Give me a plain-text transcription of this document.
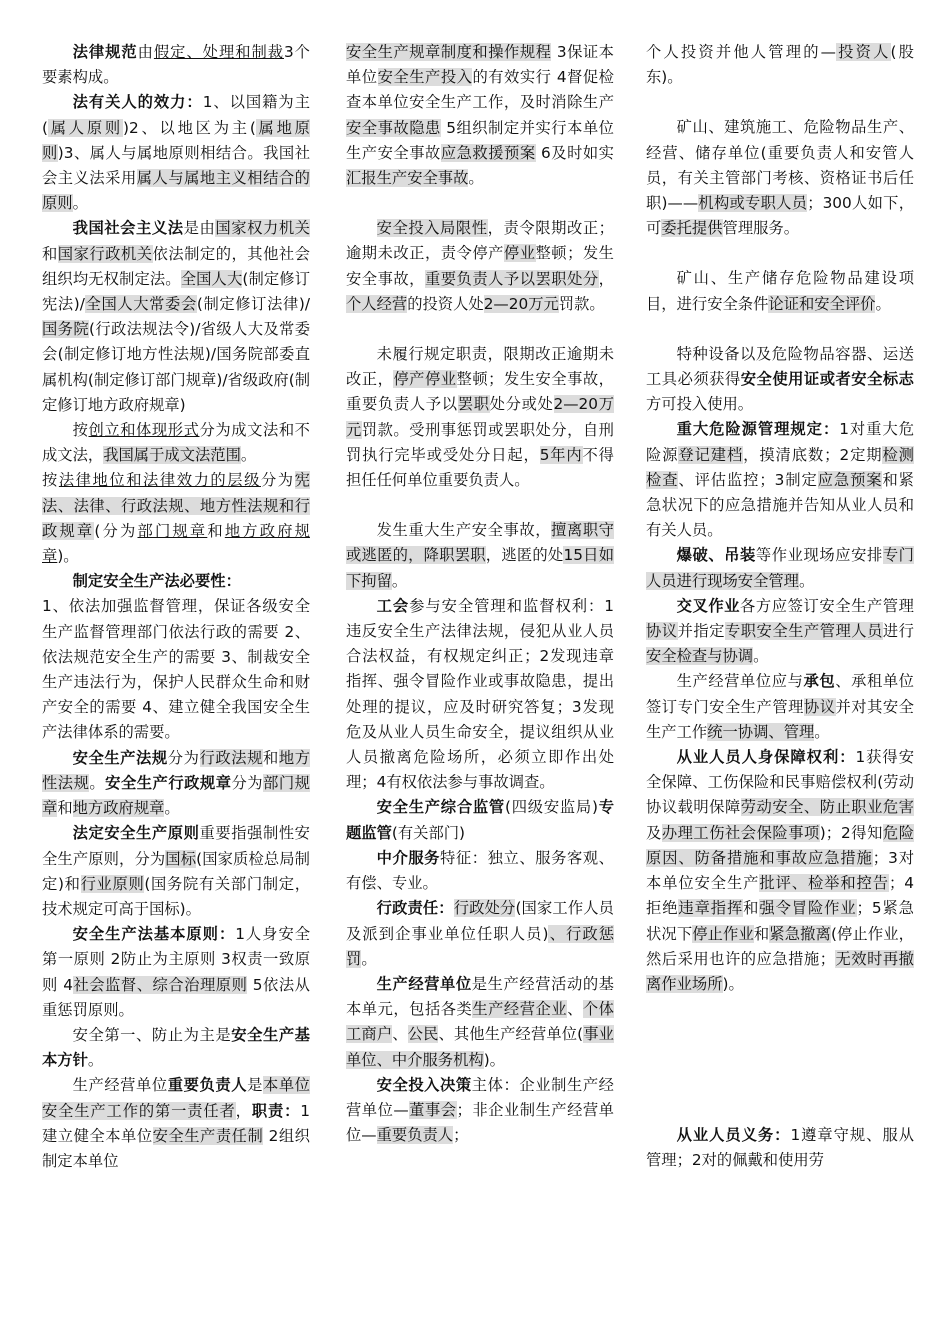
法律规范由假定、处理和制裁3个要素构成。

法有关人的效力：1、以国籍为主(属人原则)2、以地区为主(属地原则)3、属人与属地原则相结合。我国社会主义法采用属人与属地主义相结合的原则。

我国社会主义法是由国家权力机关和国家行政机关依法制定的，其他社会组织均无权制定法。全国人大(制定修订宪法)/全国人大常委会(制定修订法律)/国务院(行政法规法令)/省级人大及常委会(制定修订地方性法规)/国务院部委直属机构(制定修订部门规章)/省级政府(制定修订地方政府规章)

按创立和体现形式分为成文法和不成文法，我国属于成文法范围。

按法律地位和法律效力的层级分为宪法、法律、行政法规、地方性法规和行政规章(分为部门规章和地方政府规章)。

制定安全生产法必要性：

1、依法加强监督管理，保证各级安全生产监督管理部门依法行政的需要 2、依法规范安全生产的需要 3、制裁安全生产违法行为，保护人民群众生命和财产安全的需要 4、建立健全我国安全生产法律体系的需要。

安全生产法规分为行政法规和地方性法规。安全生产行政规章分为部门规章和地方政府规章。

法定安全生产原则重要指强制性安全生产原则，分为国标(国家质检总局制定)和行业原则(国务院有关部门制定，技术规定可高于国标)。

安全生产法基本原则：1人身安全第一原则 2防止为主原则 3权责一致原则 4社会监督、综合治理原则 5依法从重惩罚原则。

安全第一、防止为主是安全生产基本方针。

生产经营单位重要负责人是本单位安全生产工作的第一责任者，职责：1建立健全本单位安全生产责任制 2组织制定本单位

安全生产规章制度和操作规程 3保证本单位安全生产投入的有效实行 4督促检查本单位安全生产工作，及时消除生产安全事故隐患 5组织制定并实行本单位生产安全事故应急救援预案 6及时如实汇报生产安全事故。

安全投入局限性，责令限期改正；逾期未改正，责令停产停业整顿；发生安全事故，重要负责人予以罢职处分，个人经营的投资人处2—20万元罚款。

未履行规定职责，限期改正逾期未改正，停产停业整顿；发生安全事故，重要负责人予以罢职处分或处2—20万元罚款。受刑事惩罚或罢职处分，自刑罚执行完毕或受处分日起，5年内不得担任任何单位重要负责人。

发生重大生产安全事故，擅离职守或逃匿的，降职罢职，逃匿的处15日如下拘留。

工会参与安全管理和监督权利：1违反安全生产法律法规，侵犯从业人员合法权益，有权规定纠正；2发现违章指挥、强令冒险作业或事故隐患，提出处理的提议，应及时研究答复；3发现危及从业人员生命安全，提议组织从业人员撤离危险场所，必须立即作出处理；4有权依法参与事故调查。

安全生产综合监管(四级安监局)专题监管(有关部门)

中介服务特征：独立、服务客观、有偿、专业。

行政责任：行政处分(国家工作人员及派到企事业单位任职人员)、行政惩罚。

生产经营单位是生产经营活动的基本单元，包括各类生产经营企业、个体工商户、公民、其他生产经营单位(事业单位、中介服务机构)。

安全投入决策主体：企业制生产经营单位—董事会；非企业制生产经营单位—重要负责人；

个人投资并他人管理的—投资人(股东)。

矿山、建筑施工、危险物品生产、经营、储存单位(重要负责人和安管人员，有关主管部门考核、资格证书后任职)——机构或专职人员；300人如下，可委托提供管理服务。

矿山、生产储存危险物品建设项目，进行安全条件论证和安全评价。

特种设备以及危险物品容器、运送工具必须获得安全使用证或者安全标志方可投入使用。

重大危险源管理规定：1对重大危险源登记建档，摸清底数；2定期检测检查、评估监控；3制定应急预案和紧急状况下的应急措施并告知从业人员和有关人员。

爆破、吊装等作业现场应安排专门人员进行现场安全管理。

交叉作业各方应签订安全生产管理协议并指定专职安全生产管理人员进行安全检查与协调。

生产经营单位应与承包、承租单位签订专门安全生产管理协议并对其安全生产工作统一协调、管理。

从业人员人身保障权利：1获得安全保障、工伤保险和民事赔偿权利(劳动协议载明保障劳动安全、防止职业危害及办理工伤社会保险事项)；2得知危险原因、防备措施和事故应急措施；3对本单位安全生产批评、检举和控告；4拒绝违章指挥和强令冒险作业；5紧急状况下停止作业和紧急撤离(停止作业，然后采用也许的应急措施；无效时再撤离作业场所)。

从业人员义务：1遵章守规、服从管理；2对的佩戴和使用劳
